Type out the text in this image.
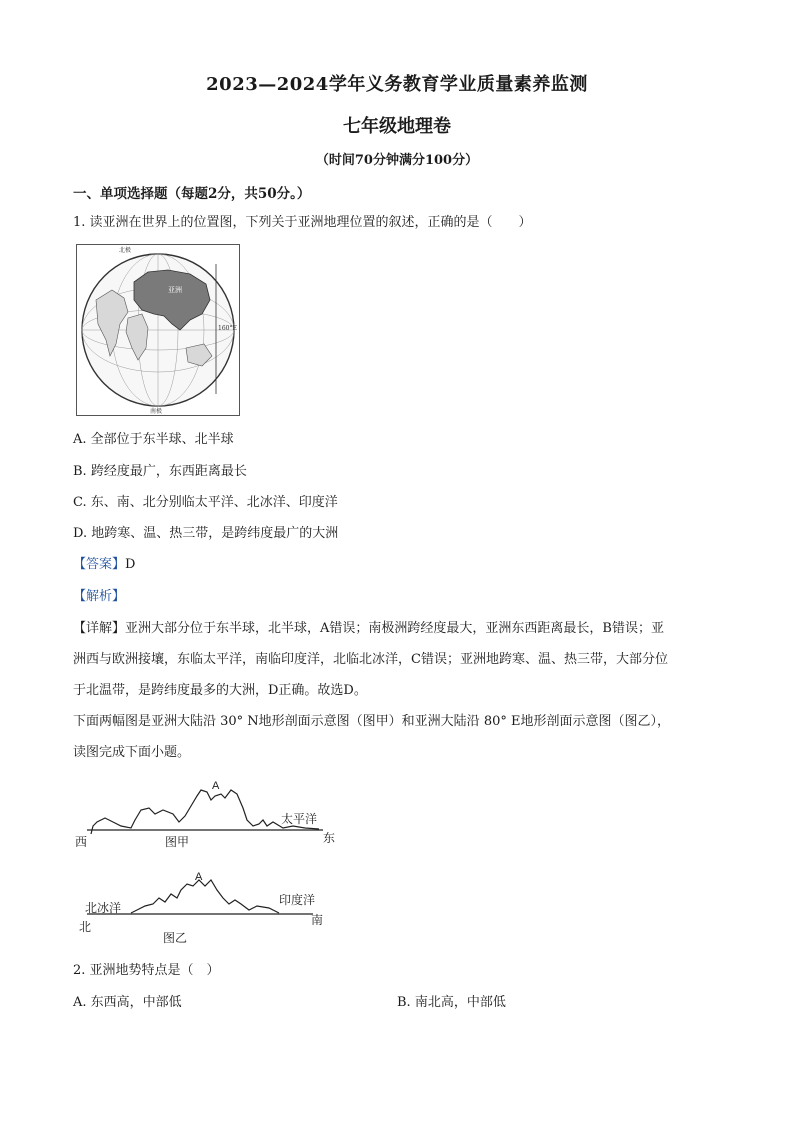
2023—2024学年义务教育学业质量素养监测
七年级地理卷
（时间70分钟满分100分）
一、单项选择题（每题2分，共50分。）
1. 读亚洲在世界上的位置图，下列关于亚洲地理位置的叙述，正确的是（　　）
北极
南极
亚洲
160°E
A. 全部位于东半球、北半球
B. 跨经度最广，东西距离最长
C. 东、南、北分别临太平洋、北冰洋、印度洋
D. 地跨寒、温、热三带，是跨纬度最广的大洲
【答案】D
【解析】
【详解】亚洲大部分位于东半球，北半球，A错误；南极洲跨经度最大，亚洲东西距离最长，B错误；亚
洲西与欧洲接壤，东临太平洋，南临印度洋，北临北冰洋，C错误；亚洲地跨寒、温、热三带，大部分位
于北温带，是跨纬度最多的大洲，D正确。故选D。
下面两幅图是亚洲大陆沿 30° N地形剖面示意图（图甲）和亚洲大陆沿 80° E地形剖面示意图（图乙），
读图完成下面小题。
A
太平洋
西	东
图甲
A
北冰洋
印度洋
北	南
图乙
2. 亚洲地势特点是（　）
A. 东西高，中部低	B. 南北高，中部低
